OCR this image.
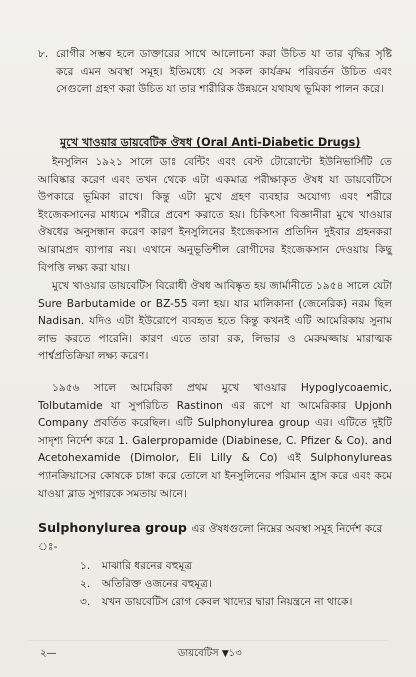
৮. রোগীর সম্ভব হলে ডাক্তারের সাথে আলোচনা করা উচিত যা তার বৃদ্ধির সৃষ্টি করে এমন অবস্থা সমূহ। ইতিমধ্যে যে সকল কার্যক্রম পরিবর্তন উচিত এবং সেগুলো গ্রহণ করা উচিত যা তার শারীরিক উন্নয়নে যথাযথ ভূমিকা পালন করে।

মুখে খাওয়ার ডায়বেটিক ঔষধ (Oral Anti-Diabetic Drugs)

ইনসুলিন ১৯২১ সালে ডাঃ বেন্টিং এবং বেস্ট টোরোন্টো ইউনিভার্সিটি তে আবিষ্কার করেণ এবং তখন থেকে এটা একমাত্র পরীক্ষাকৃত ঔষধ যা ডায়বেটিসে উপকারে ভূমিকা রাখে। কিন্তু এটা মুখে গ্রহণ ব্যবহার অযোগ্য এবং শরীরে ইংজেকসানের মাধ্যমে শরীরে প্রবেশ করাতে হয়। চিকিৎসা বিজ্ঞানীরা মুখে খাওয়ার ঔষধের অনুসন্ধান করেণ কারণ ইনসুলিনের ইংজেকসান প্রতিদিন দুইবার গ্রহনকরা আরামপ্রদ ব্যাপার নয়। এখানে অনুভূতিশীল রোগীদের ইংজেকসান দেওয়ায় কিছু বিপত্তি লক্ষ্য করা যায়।

মুখে খাওয়ার ডায়বেটিস বিরোধী ঔষধ আবিষ্কৃত হয় জার্মানীতে ১৯৫৪ সালে যেটা Sure Barbutamide or BZ-55 বলা হয়। যার মালিকানা (জেনেরিক) নরম ছিল Nadisan. যদিও এটা ইউরোপে ব্যবহৃত হতে কিন্তু কখনই এটি আমেরিকায় সুনাম লাভ করতে পারেনি। কারণ এতে তারা রক, লিভার ও মেরুমজ্জায় মারাত্মক পার্শ্বপ্রতিক্রিয়া লক্ষ্য করেণ।

১৯৫৬ সালে আমেরিকা প্রথম মুখে খাওয়ার Hypoglycoaemic, Tolbutamide যা সুপরিচিত Rastinon এর রূপে যা আমেরিকার Upjonh Company প্রবর্তিত করেছিল। এটি Sulphonylurea group এর। এটিতে দুইটি সাদৃশ্য নির্দেশ করে 1. Galerpropamide (Diabinese, C. Pfizer & Co). and Acetohexamide (Dimolor, Eli Lilly & Co) এই Sulphonylureas প্যানক্রিয়াসের কোষকে চাঙ্গা করে তোলে যা ইনসুলিনের পরিমান হ্রাস করে এবং কমে যাওয়া ব্লাড সুগারকে সমতায় আনে।

Sulphonylurea group এর ঔষধগুলো নিম্নের অবস্থা সমূহ নির্দেশ করে
ঃ-
১. মাঝারি ধরনের বহুমূত্র
২. অতিরিক্ত ওজনের বহুমূত্র।
৩. যখন ডায়বেটিস রোগ কেবল খাদ্যের দ্বারা নিয়ন্ত্রনে না থাকে।
২—	ডায়বেটিস ▼১৩
